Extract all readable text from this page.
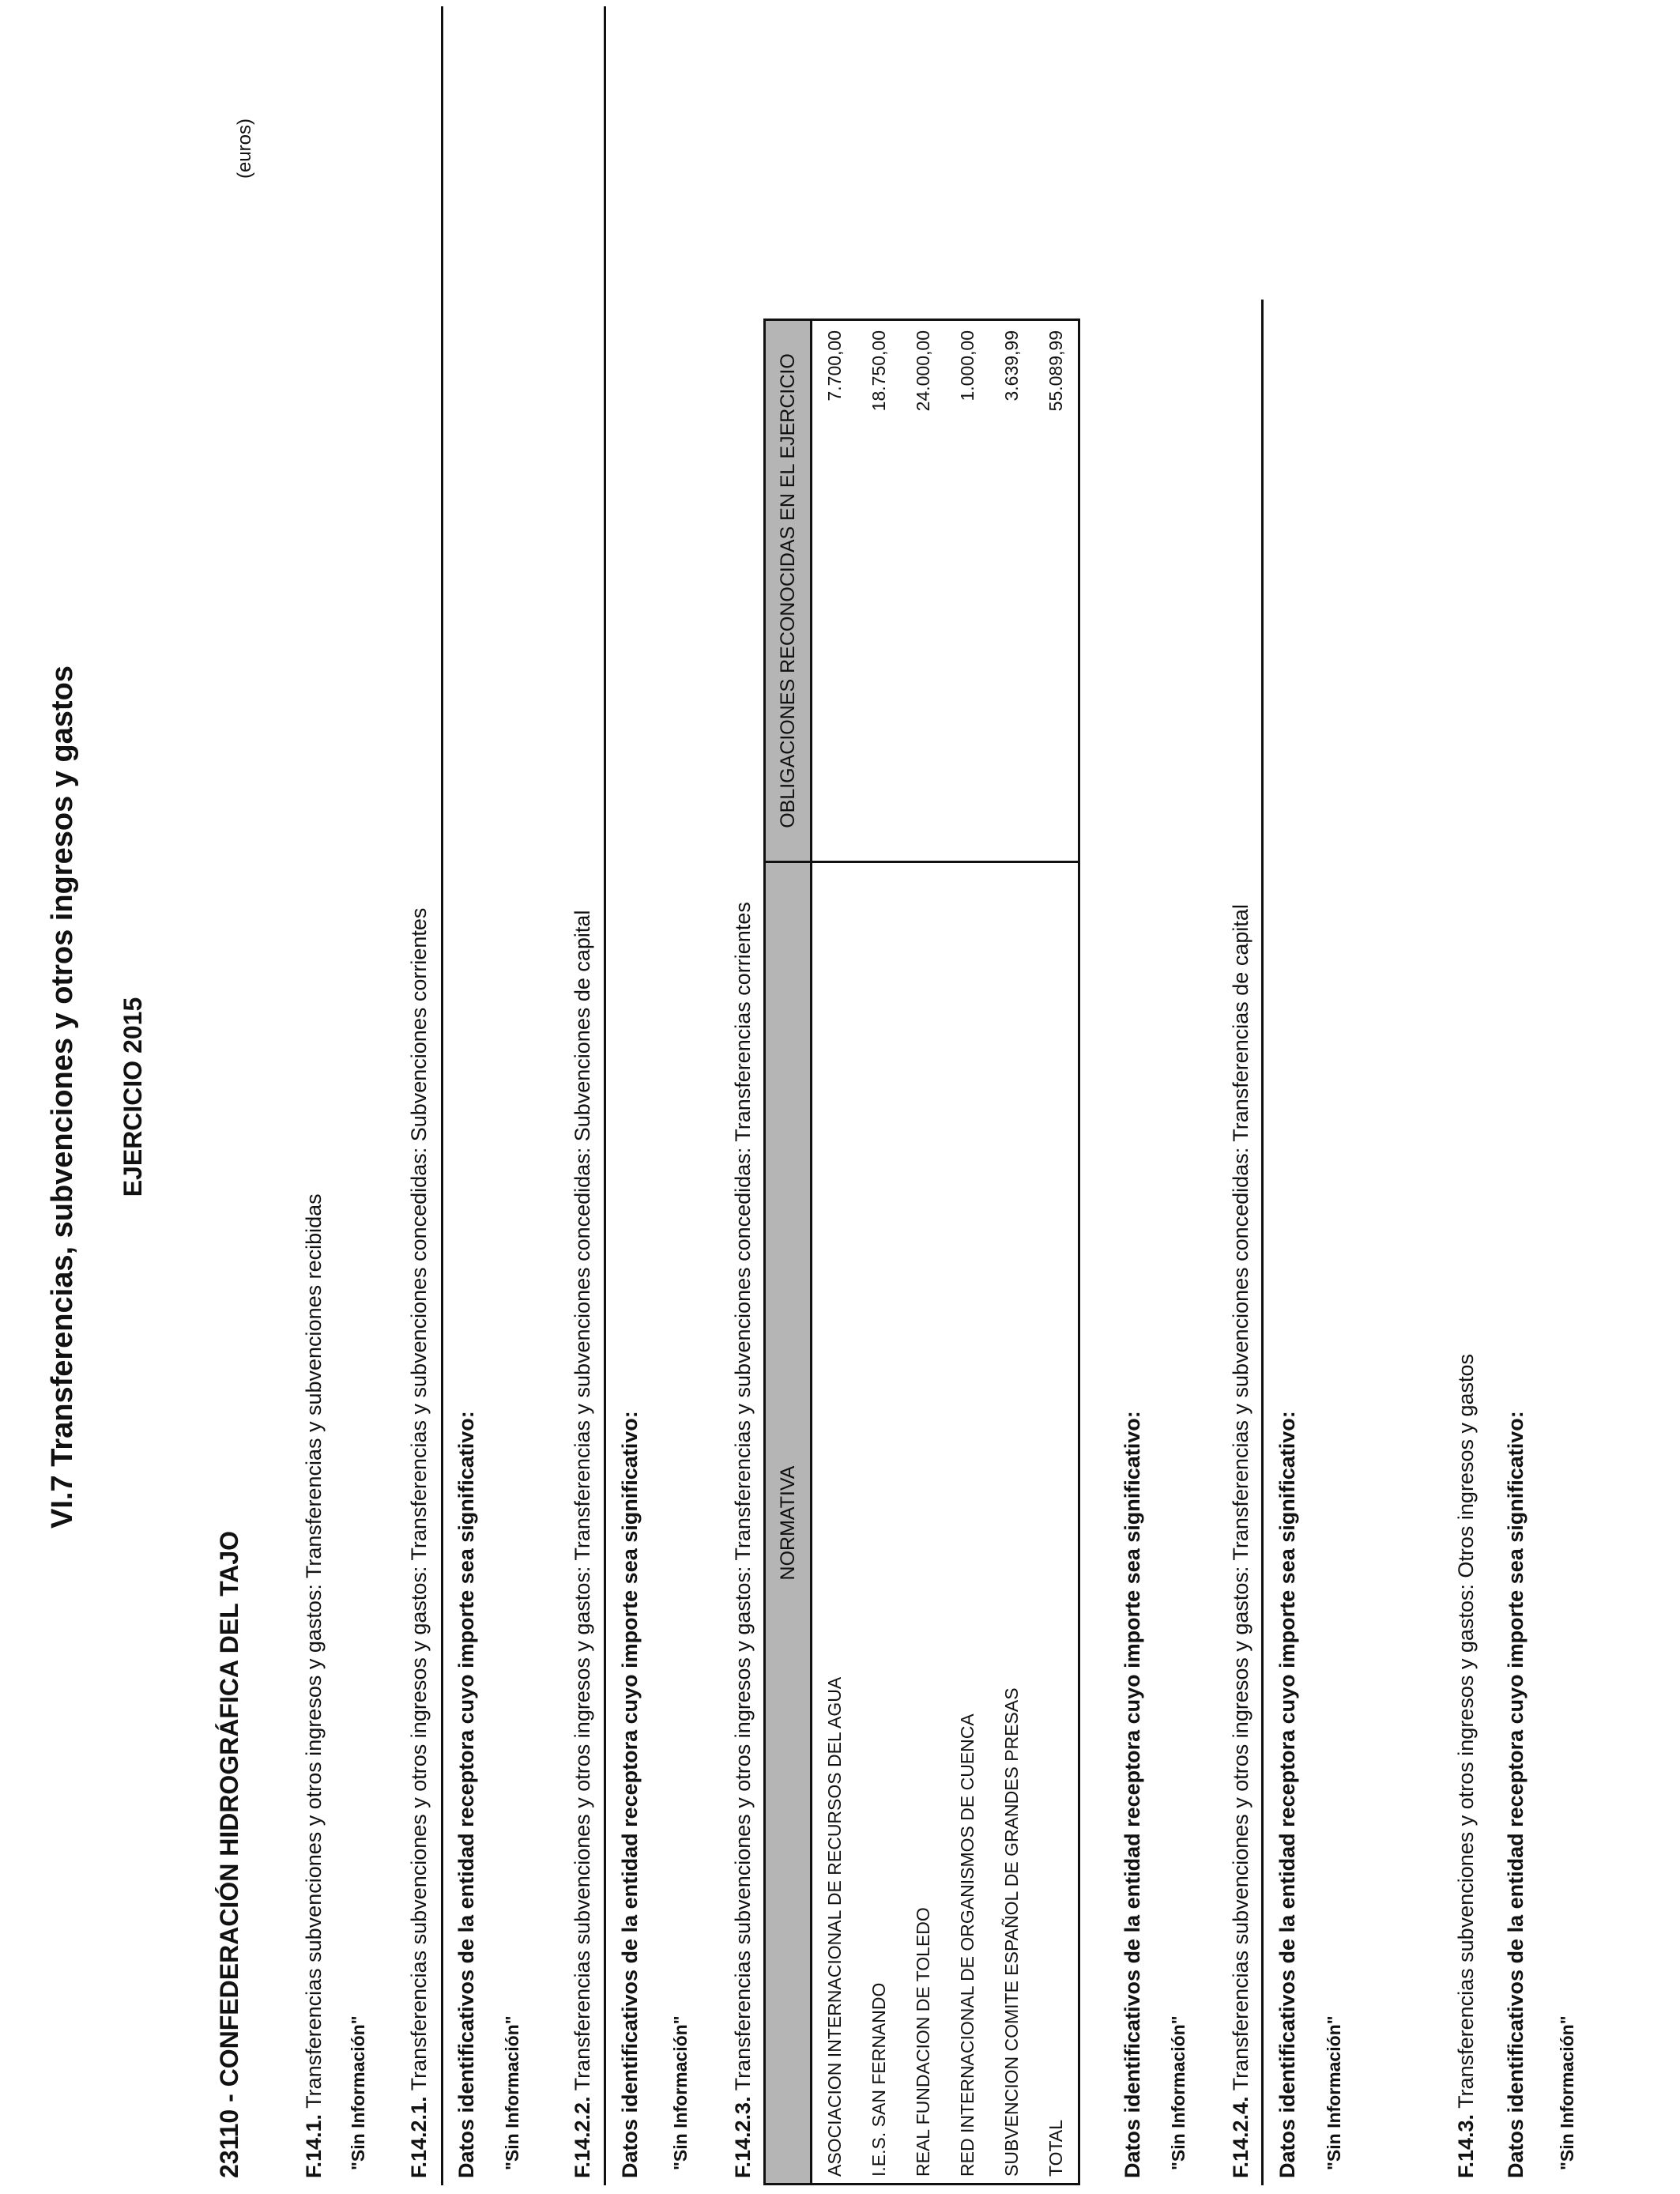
(euros)
VI.7 Transferencias, subvenciones y otros ingresos y gastos EJERCICIO 2015
23110 - CONFEDERACIÓN HIDROGRÁFICA DEL TAJO	F.14.1. Transferencias subvenciones y otros ingresos y gastos: Transferencias y subvenciones recibidas "Sin Información" F.14.2.1. Transferencias subvenciones y otros ingresos y gastos: Transferencias y subvenciones concedidas: Subvenciones corrientes Datos identificativos de la entidad receptora cuyo importe sea significativo: "Sin Información" F.14.2.2. Transferencias subvenciones y otros ingresos y gastos: Transferencias y subvenciones concedidas: Subvenciones de capital Datos identificativos de la entidad receptora cuyo importe sea significativo: "Sin Información" F.14.2.3. Transferencias subvenciones y otros ingresos y gastos: Transferencias y subvenciones concedidas: Transferencias corrientes NORMATIVA	OBLIGACIONES RECONOCIDAS EN EL EJERCICIO
ASOCIACION INTERNACIONAL DE RECURSOS DEL AGUA	7.700,00
I.E.S. SAN FERNANDO	18.750,00
REAL FUNDACION DE TOLEDO	24.000,00
RED INTERNACIONAL DE ORGANISMOS DE CUENCA	1.000,00
SUBVENCION COMITE ESPAÑOL DE GRANDES PRESAS	3.639,99
TOTAL	55.089,99
Datos identificativos de la entidad receptora cuyo importe sea significativo: "Sin Información" F.14.2.4. Transferencias subvenciones y otros ingresos y gastos: Transferencias y subvenciones concedidas: Transferencias de capital Datos identificativos de la entidad receptora cuyo importe sea significativo: "Sin Información"	F.14.3. Transferencias subvenciones y otros ingresos y gastos: Otros ingresos y gastos Datos identificativos de la entidad receptora cuyo importe sea significativo: "Sin Información"
